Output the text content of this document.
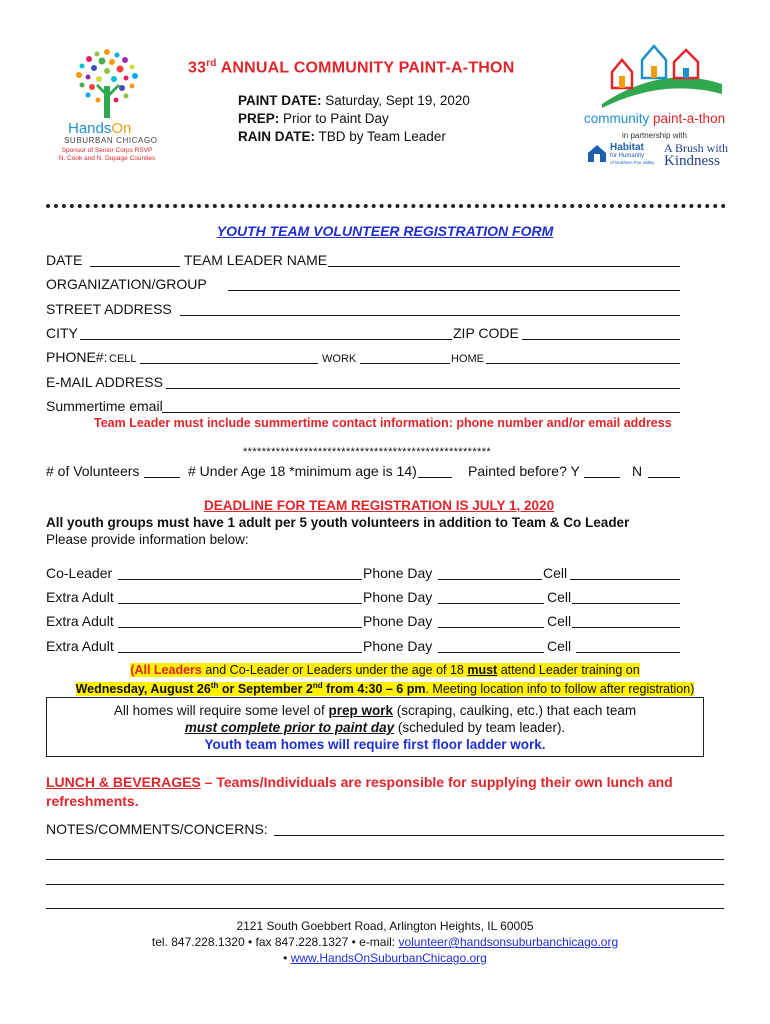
HandsOn
SUBURBAN CHICAGO
Sponsor of Senior Corps RSVP
N. Cook and N. Dupage Counties
33rd ANNUAL COMMUNITY PAINT-A-THON
PAINT DATE: Saturday, Sept 19, 2020
PREP: Prior to Paint Day
RAIN DATE: TBD by Team Leader
community paint-a-thon
in partnership with
Habitat
for Humanity
of Northern Fox Valley
A Brush with
Kindness
YOUTH TEAM VOLUNTEER REGISTRATION FORM
DATE	TEAM LEADER NAME
ORGANIZATION/GROUP
STREET ADDRESS
CITY	ZIP CODE
PHONE#: CELL	WORK	HOME
E-MAIL ADDRESS
Summertime email
Team Leader must include summertime contact information: phone number and/or email address
*****************************************************
# of Volunteers	# Under Age 18 *minimum age is 14)	Painted before? Y	N
DEADLINE FOR TEAM REGISTRATION IS JULY 1, 2020
All youth groups must have 1 adult per 5 youth volunteers in addition to Team & Co Leader
Please provide information below:
Co-Leader	Phone Day	Cell
Extra Adult	Phone Day	Cell
Extra Adult	Phone Day	Cell
Extra Adult	Phone Day	Cell
(All Leaders and Co-Leader or Leaders under the age of 18 must attend Leader training on
Wednesday, August 26th or September 2nd from 4:30 – 6 pm. Meeting location info to follow after registration)
All homes will require some level of prep work (scraping, caulking, etc.) that each team
must complete prior to paint day (scheduled by team leader).
Youth team homes will require first floor ladder work.
LUNCH & BEVERAGES – Teams/Individuals are responsible for supplying their own lunch and
refreshments.
NOTES/COMMENTS/CONCERNS:
2121 South Goebbert Road, Arlington Heights, IL 60005
tel. 847.228.1320 • fax 847.228.1327 • e-mail: volunteer@handsonsuburbanchicago.org
• www.HandsOnSuburbanChicago.org
